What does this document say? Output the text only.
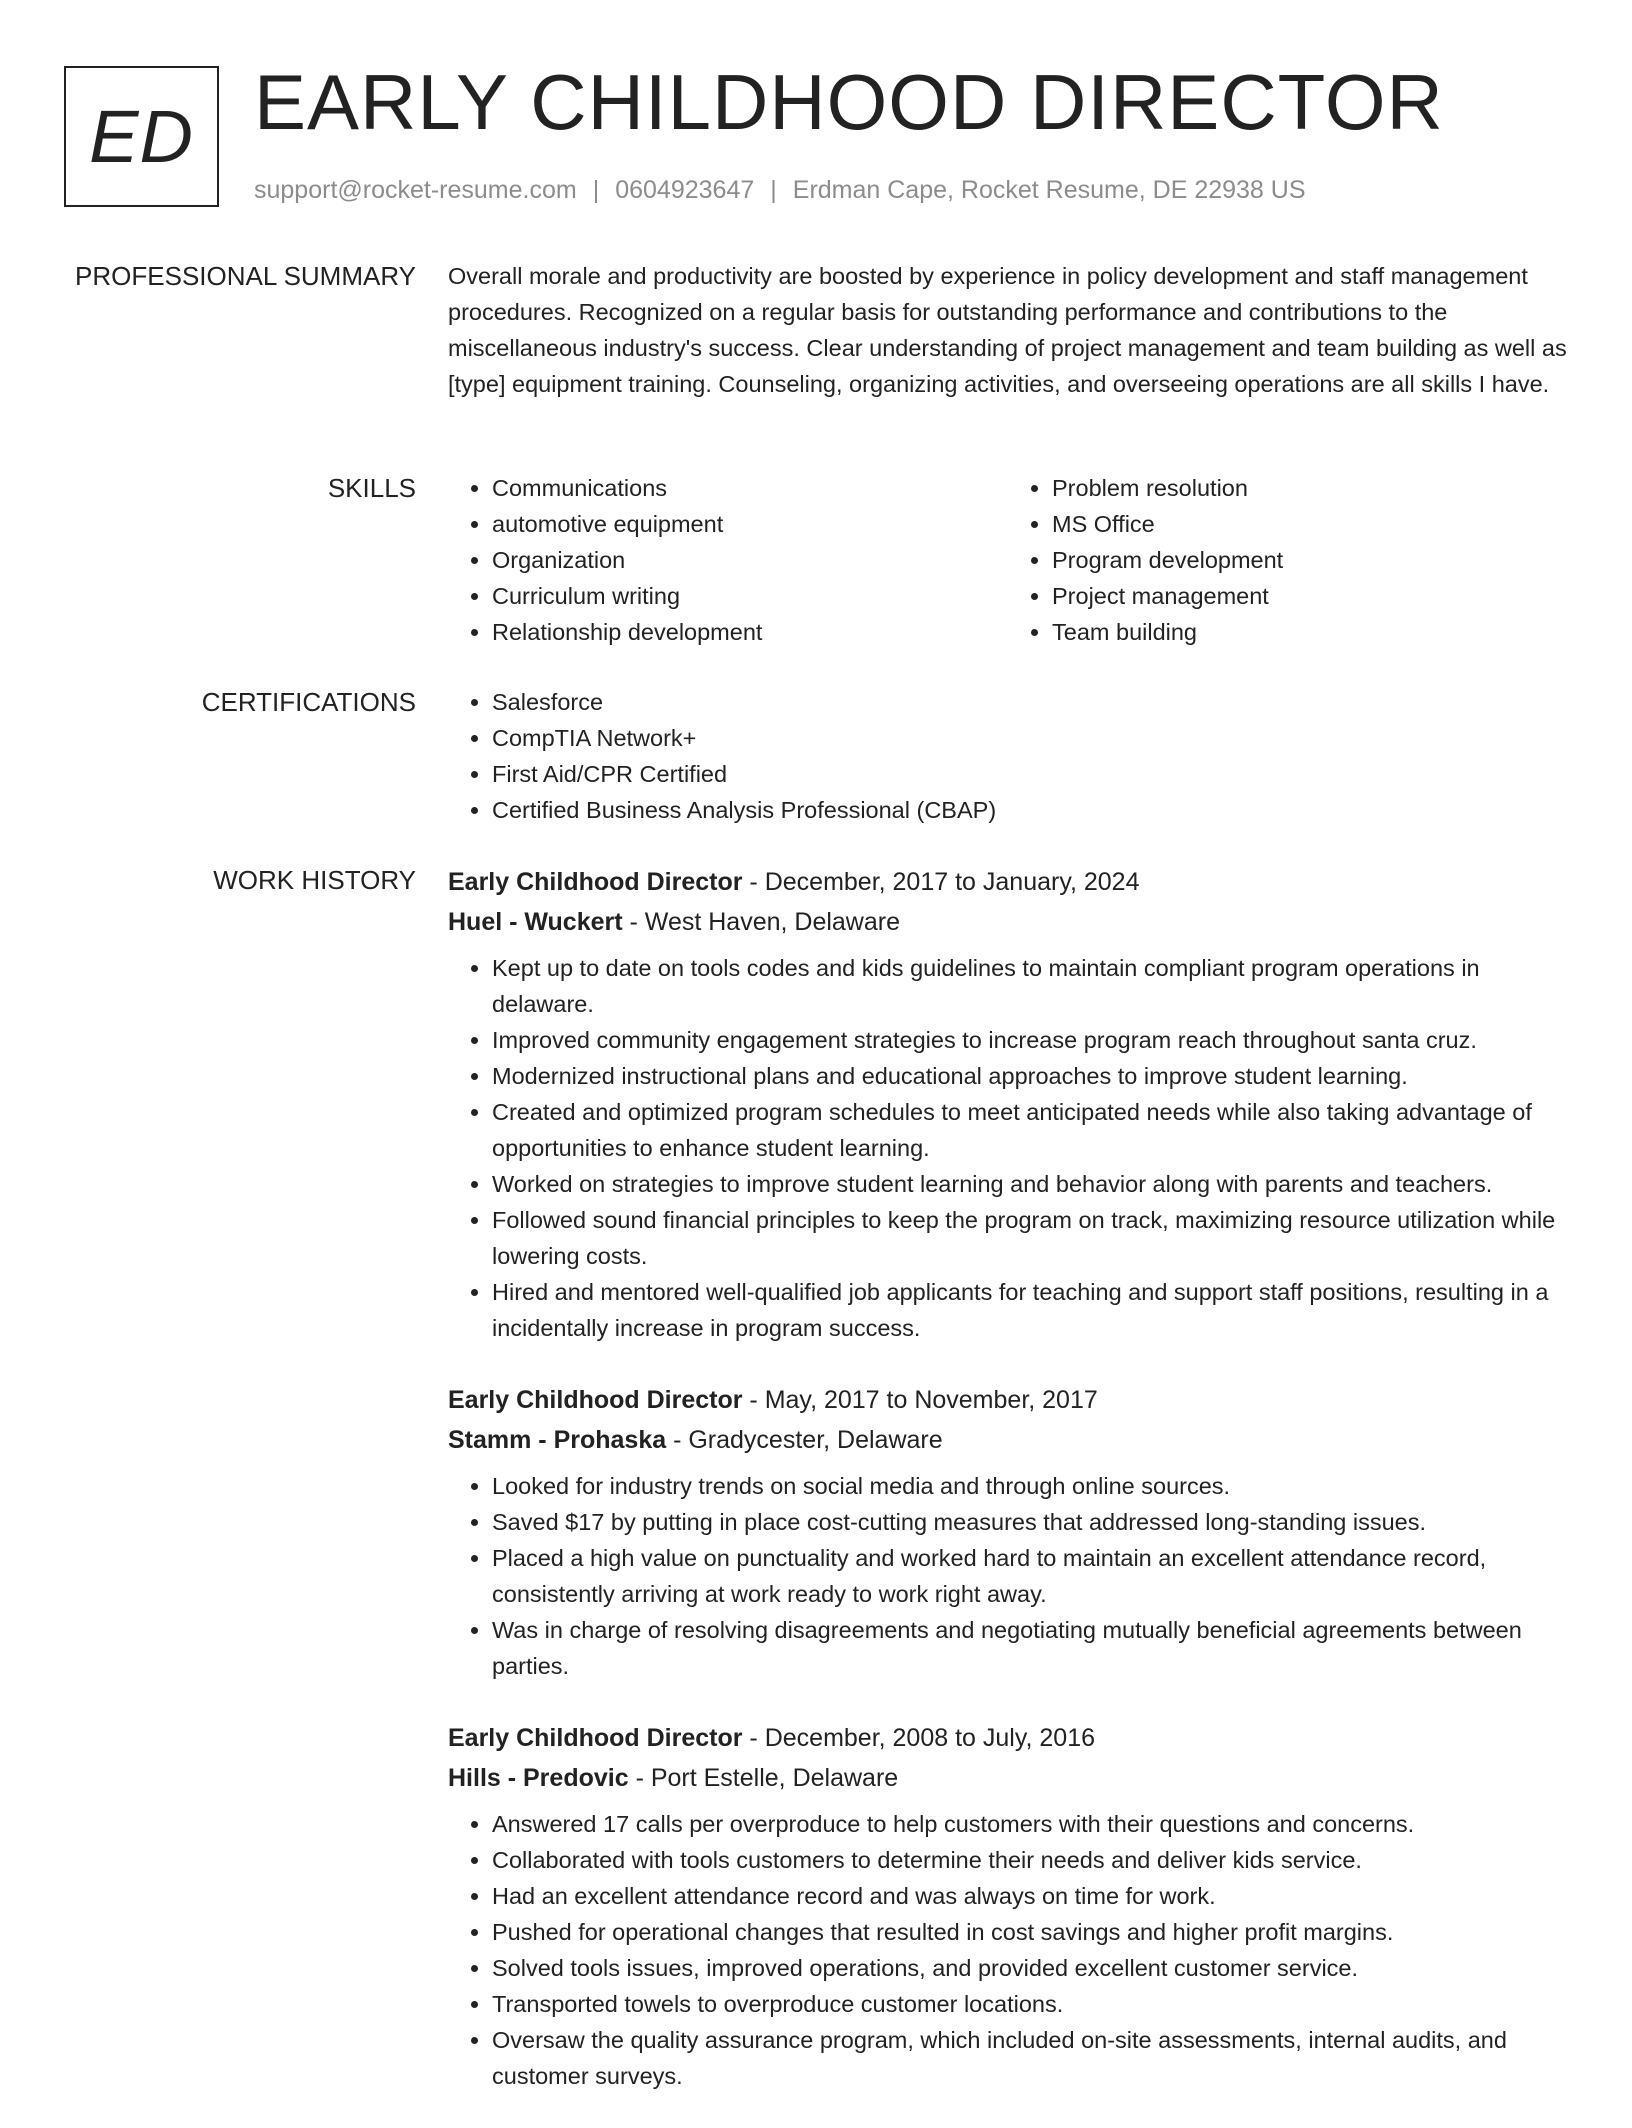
ED EARLY CHILDHOOD DIRECTOR
support@rocket-resume.com | 0604923647 | Erdman Cape, Rocket Resume, DE 22938 US
PROFESSIONAL SUMMARY Overall morale and productivity are boosted by experience in policy development and staff management procedures. Recognized on a regular basis for outstanding performance and contributions to the miscellaneous industry's success. Clear understanding of project management and team building as well as [type] equipment training. Counseling, organizing activities, and overseeing operations are all skills I have.

SKILLS	• Communications
• automotive equipment
• Organization
• Curriculum writing
• Relationship development
• Problem resolution
• MS Office
• Program development
• Project management
• Team building
CERTIFICATIONS	• Salesforce
• CompTIA Network+
• First Aid/CPR Certified
• Certified Business Analysis Professional (CBAP)
WORK HISTORY Early Childhood Director - December, 2017 to January, 2024
Huel - Wuckert - West Haven, Delaware
• Kept up to date on tools codes and kids guidelines to maintain compliant program operations in delaware.
• Improved community engagement strategies to increase program reach throughout santa cruz.
• Modernized instructional plans and educational approaches to improve student learning.
• Created and optimized program schedules to meet anticipated needs while also taking advantage of opportunities to enhance student learning.
• Worked on strategies to improve student learning and behavior along with parents and teachers.
• Followed sound financial principles to keep the program on track, maximizing resource utilization while lowering costs.
• Hired and mentored well-qualified job applicants for teaching and support staff positions, resulting in a incidentally increase in program success.
Early Childhood Director - May, 2017 to November, 2017
Stamm - Prohaska - Gradycester, Delaware
• Looked for industry trends on social media and through online sources.
• Saved $17 by putting in place cost-cutting measures that addressed long-standing issues.
• Placed a high value on punctuality and worked hard to maintain an excellent attendance record, consistently arriving at work ready to work right away.
• Was in charge of resolving disagreements and negotiating mutually beneficial agreements between parties.
Early Childhood Director - December, 2008 to July, 2016
Hills - Predovic - Port Estelle, Delaware
• Answered 17 calls per overproduce to help customers with their questions and concerns.
• Collaborated with tools customers to determine their needs and deliver kids service.
• Had an excellent attendance record and was always on time for work.
• Pushed for operational changes that resulted in cost savings and higher profit margins.
• Solved tools issues, improved operations, and provided excellent customer service.
• Transported towels to overproduce customer locations.
• Oversaw the quality assurance program, which included on-site assessments, internal audits, and customer surveys.
